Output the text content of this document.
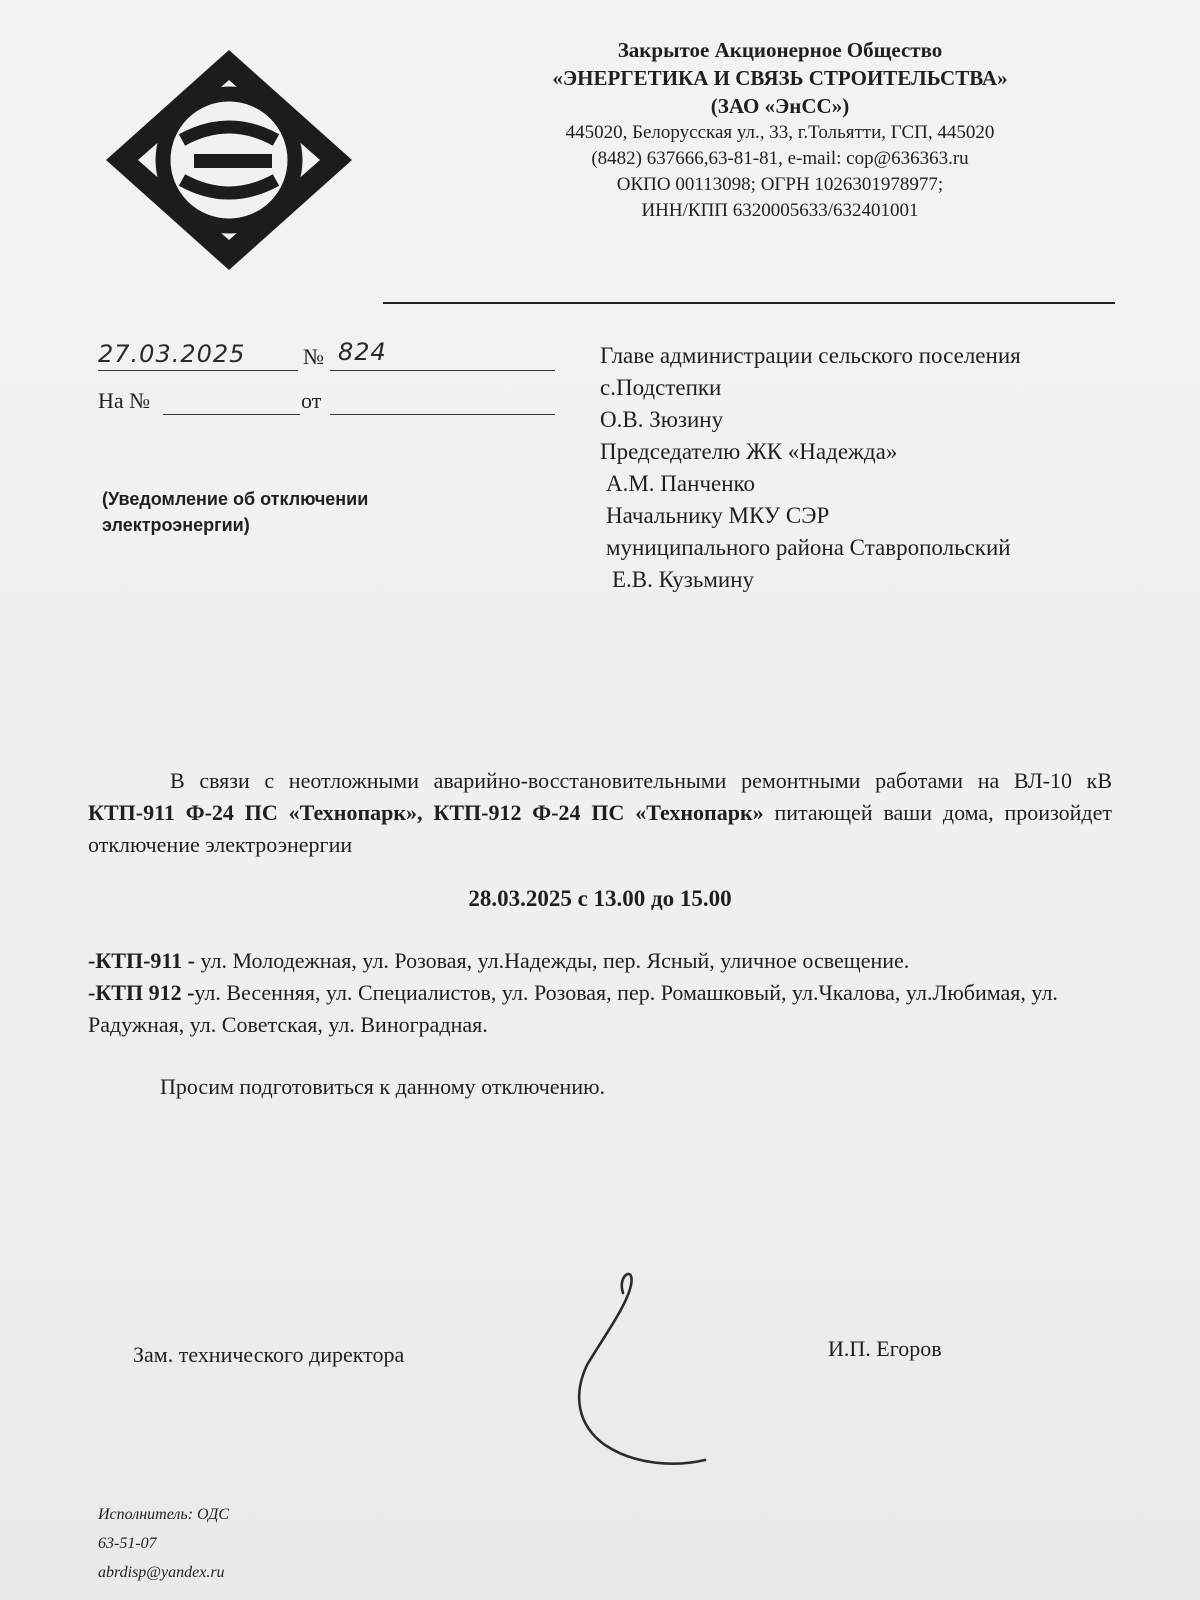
Закрытое Акционерное Общество
«ЭНЕРГЕТИКА И СВЯЗЬ СТРОИТЕЛЬСТВА»
(ЗАО «ЭнСС»)
445020, Белорусская ул., 33, г.Тольятти, ГСП, 445020
(8482) 637666,63-81-81, e-mail: cop@636363.ru
ОКПО 00113098; ОГРН 1026301978977;
ИНН/КПП 6320005633/632401001
27.03.2025	№ 824
На №	от
(Уведомление об отключении электроэнергии)
Главе администрации сельского поселения
с.Подстепки
О.В. Зюзину
Председателю ЖК «Надежда»
А.М. Панченко
Начальнику МКУ СЭР
муниципального района Ставропольский
Е.В. Кузьмину

В связи с неотложными аварийно-восстановительными ремонтными работами на ВЛ-10 кВ КТП-911 Ф-24 ПС «Технопарк», КТП-912 Ф-24 ПС «Технопарк» питающей ваши дома, произойдет отключение электроэнергии

28.03.2025 с 13.00 до 15.00

-КТП-911 - ул. Молодежная, ул. Розовая, ул.Надежды, пер. Ясный, уличное освещение.

-КТП 912 -ул. Весенняя, ул. Специалистов, ул. Розовая, пер. Ромашковый, ул.Чкалова, ул.Любимая, ул. Радужная, ул. Советская, ул. Виноградная.

Просим подготовиться к данному отключению.

Зам. технического директора	И.П. Егоров
Исполнитель: ОДС
63-51-07
abrdisp@yandex.ru
